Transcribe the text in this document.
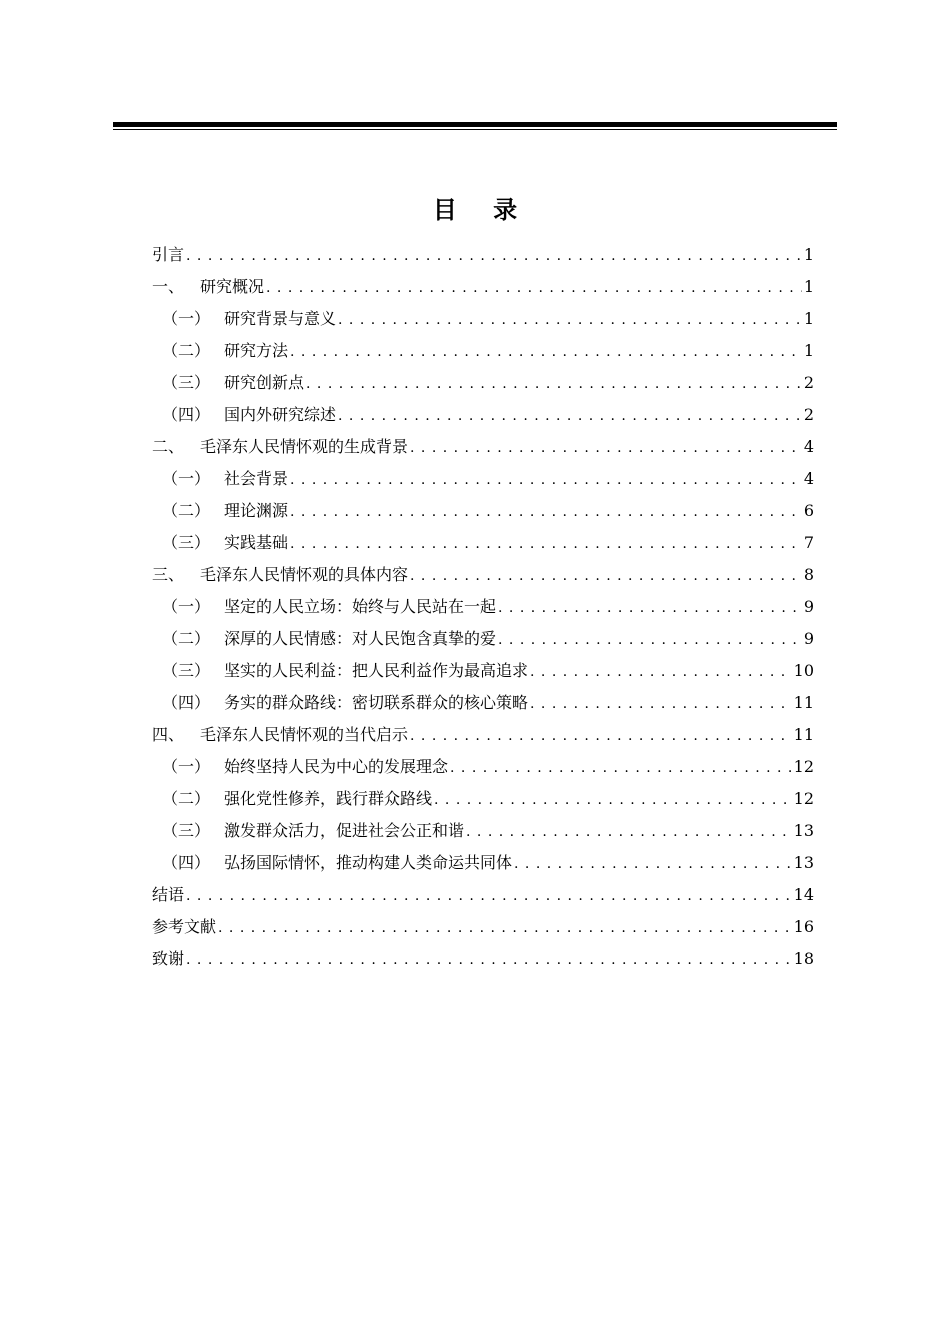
目 录
引言 . . .	1
一、 研究概况 . . .	1
（一） 研究背景与意义 . . .	1
（二） 研究方法 . . .	1
（三） 研究创新点 . . .	2
（四） 国内外研究综述 . . .	2
二、 毛泽东人民情怀观的生成背景 . . .	4
（一） 社会背景 . . .	4
（二） 理论渊源 . . .	6
（三） 实践基础 . . .	7
三、 毛泽东人民情怀观的具体内容 . . .	8
（一） 坚定的人民立场：始终与人民站在一起 . . .	9
（二） 深厚的人民情感：对人民饱含真挚的爱 . . .	9
（三） 坚实的人民利益：把人民利益作为最高追求 . . .	10
（四） 务实的群众路线：密切联系群众的核心策略 . . .	11
四、 毛泽东人民情怀观的当代启示 . . .	11
（一） 始终坚持人民为中心的发展理念 . . .	12
（二） 强化党性修养，践行群众路线 . . .	12
（三） 激发群众活力，促进社会公正和谐 . . .	13
（四） 弘扬国际情怀，推动构建人类命运共同体 . . .	13
结语 . . .	14
参考文献 . . .	16
致谢 . . .	18
